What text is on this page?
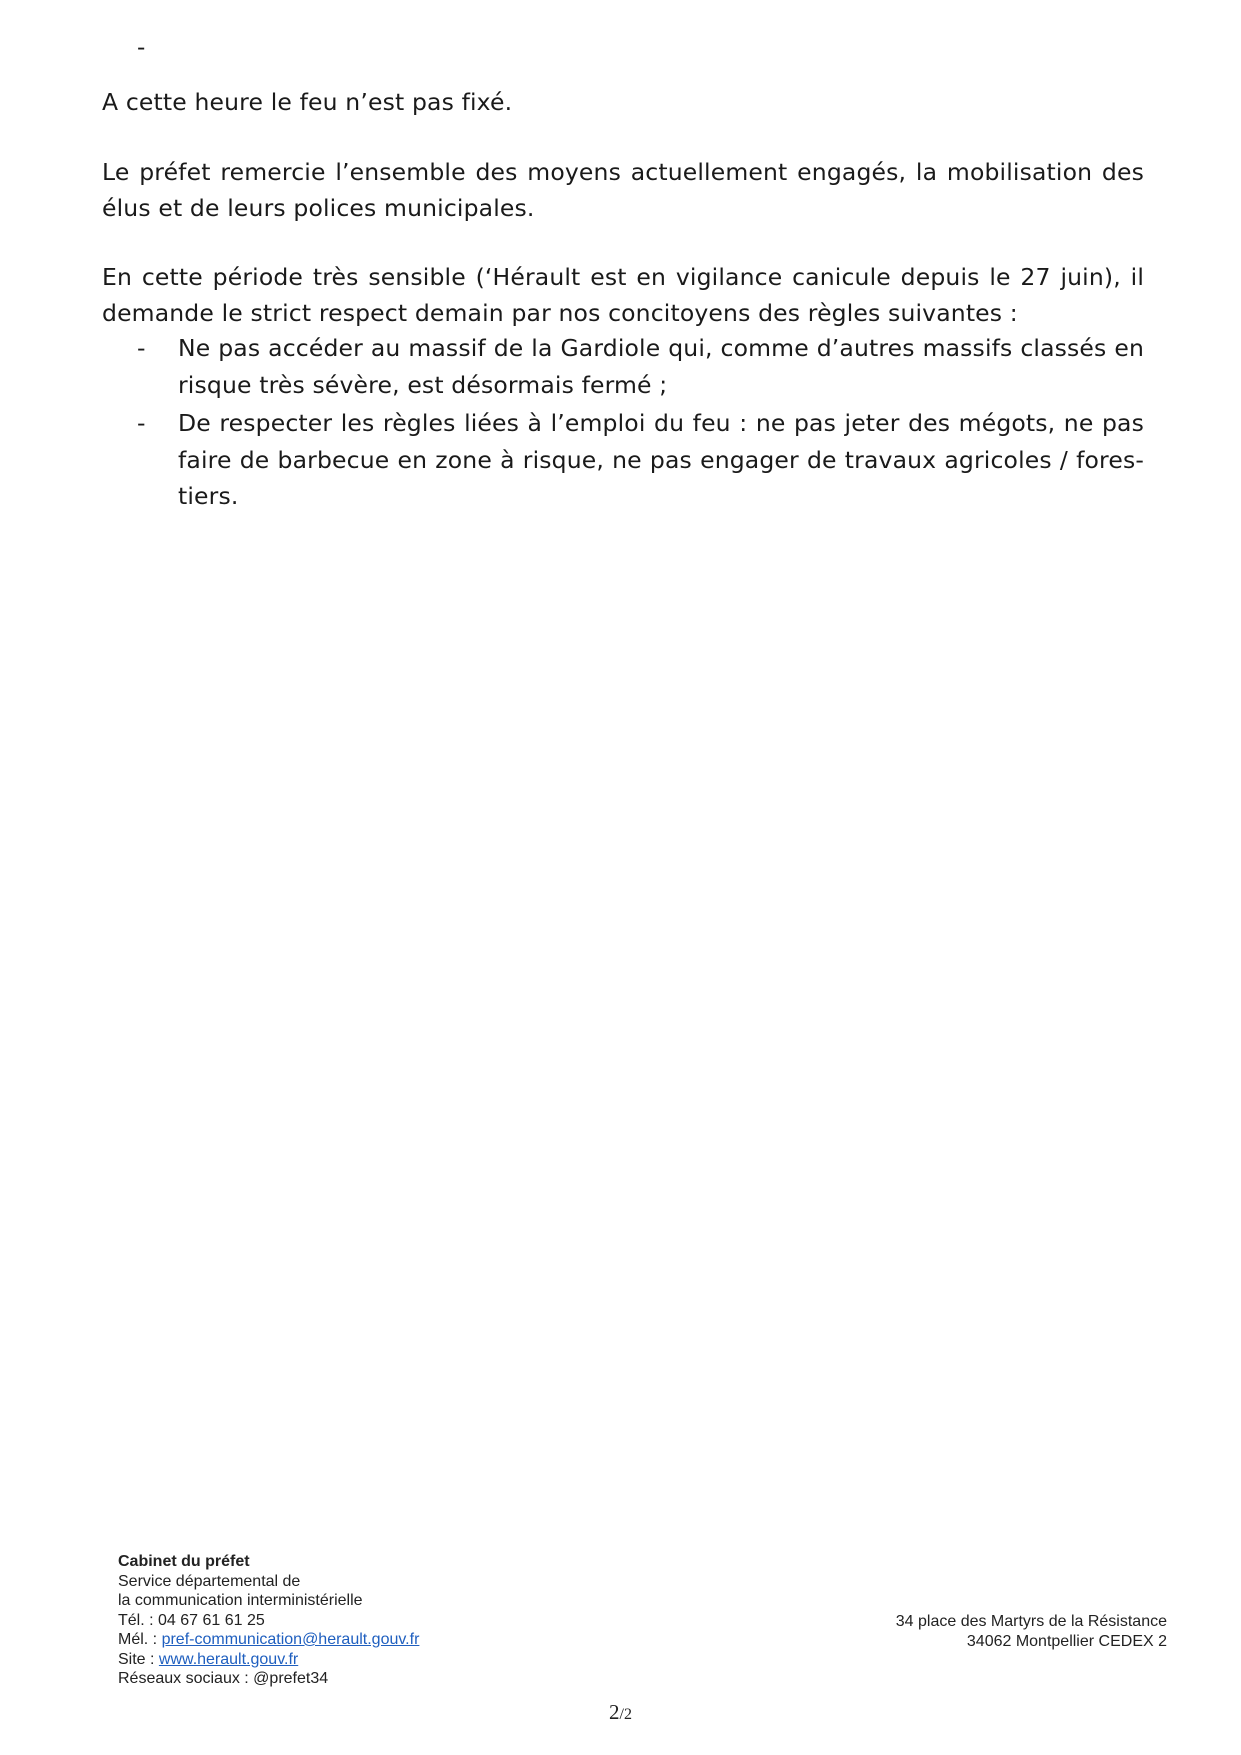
-

A cette heure le feu n’est pas fixé.

Le préfet remercie l’ensemble des moyens actuellement engagés, la mobilisation des élus et de leurs polices municipales.

En cette période très sensible (‘Hérault est en vigilance canicule depuis le 27 juin), il demande le strict respect demain par nos concitoyens des règles suivantes :

- Ne pas accéder au massif de la Gardiole qui, comme d’autres massifs classés en risque très sévère, est désormais fermé ;
- De respecter les règles liées à l’emploi du feu : ne pas jeter des mégots, ne pas faire de barbecue en zone à risque, ne pas engager de travaux agricoles / fores-tiers.
Cabinet du préfet
Service départemental de
la communication interministérielle
Tél. : 04 67 61 61 25
Mél. : pref-communication@herault.gouv.fr
Site : www.herault.gouv.fr
Réseaux sociaux : @prefet34
34 place des Martyrs de la Résistance
34062 Montpellier CEDEX 2
2/2
